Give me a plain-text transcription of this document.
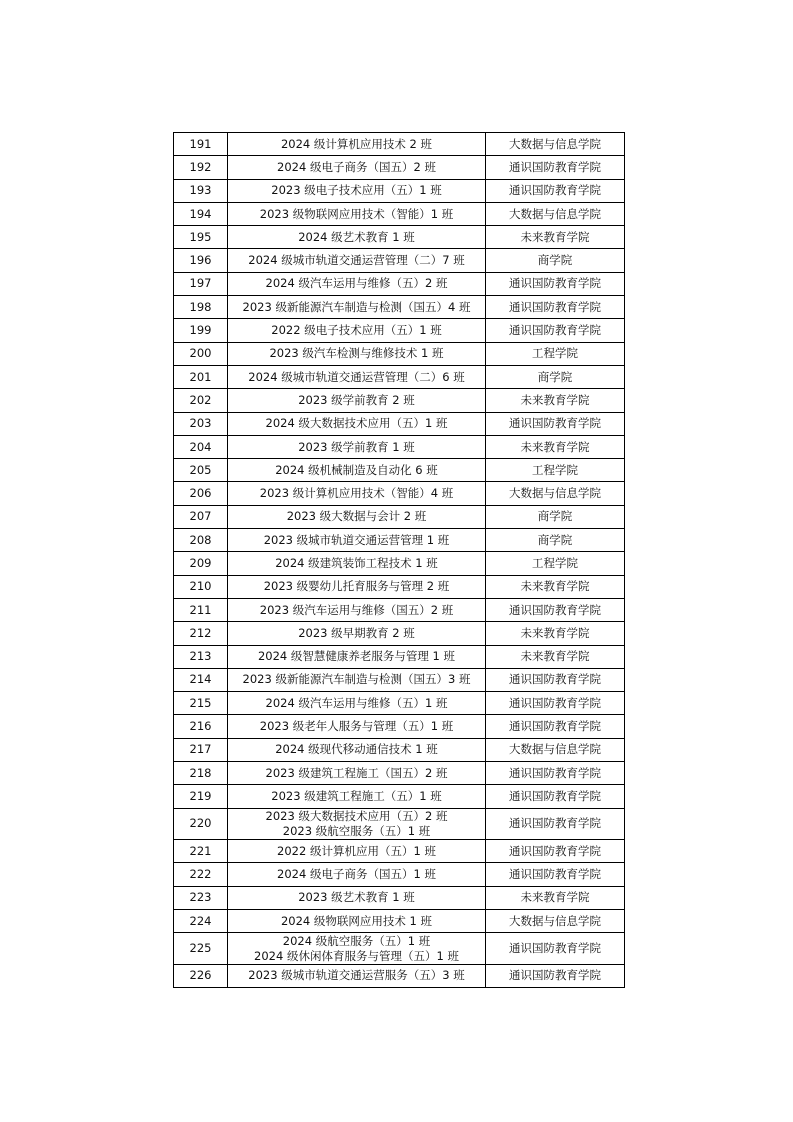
191	2024 级计算机应用技术 2 班	大数据与信息学院
192	2024 级电子商务（国五）2 班	通识国防教育学院
193	2023 级电子技术应用（五）1 班	通识国防教育学院
194	2023 级物联网应用技术（智能）1 班	大数据与信息学院
195	2024 级艺术教育 1 班	未来教育学院
196	2024 级城市轨道交通运营管理（二）7 班	商学院
197	2024 级汽车运用与维修（五）2 班	通识国防教育学院
198	2023 级新能源汽车制造与检测（国五）4 班	通识国防教育学院
199	2022 级电子技术应用（五）1 班	通识国防教育学院
200	2023 级汽车检测与维修技术 1 班	工程学院
201	2024 级城市轨道交通运营管理（二）6 班	商学院
202	2023 级学前教育 2 班	未来教育学院
203	2024 级大数据技术应用（五）1 班	通识国防教育学院
204	2023 级学前教育 1 班	未来教育学院
205	2024 级机械制造及自动化 6 班	工程学院
206	2023 级计算机应用技术（智能）4 班	大数据与信息学院
207	2023 级大数据与会计 2 班	商学院
208	2023 级城市轨道交通运营管理 1 班	商学院
209	2024 级建筑装饰工程技术 1 班	工程学院
210	2023 级婴幼儿托育服务与管理 2 班	未来教育学院
211	2023 级汽车运用与维修（国五）2 班	通识国防教育学院
212	2023 级早期教育 2 班	未来教育学院
213	2024 级智慧健康养老服务与管理 1 班	未来教育学院
214	2023 级新能源汽车制造与检测（国五）3 班	通识国防教育学院
215	2024 级汽车运用与维修（五）1 班	通识国防教育学院
216	2023 级老年人服务与管理（五）1 班	通识国防教育学院
217	2024 级现代移动通信技术 1 班	大数据与信息学院
218	2023 级建筑工程施工（国五）2 班	通识国防教育学院
219	2023 级建筑工程施工（五）1 班	通识国防教育学院
220	2023 级大数据技术应用（五）2 班
2023 级航空服务（五）1 班	通识国防教育学院
221	2022 级计算机应用（五）1 班	通识国防教育学院
222	2024 级电子商务（国五）1 班	通识国防教育学院
223	2023 级艺术教育 1 班	未来教育学院
224	2024 级物联网应用技术 1 班	大数据与信息学院
225	2024 级航空服务（五）1 班
2024 级休闲体育服务与管理（五）1 班	通识国防教育学院
226	2023 级城市轨道交通运营服务（五）3 班	通识国防教育学院
